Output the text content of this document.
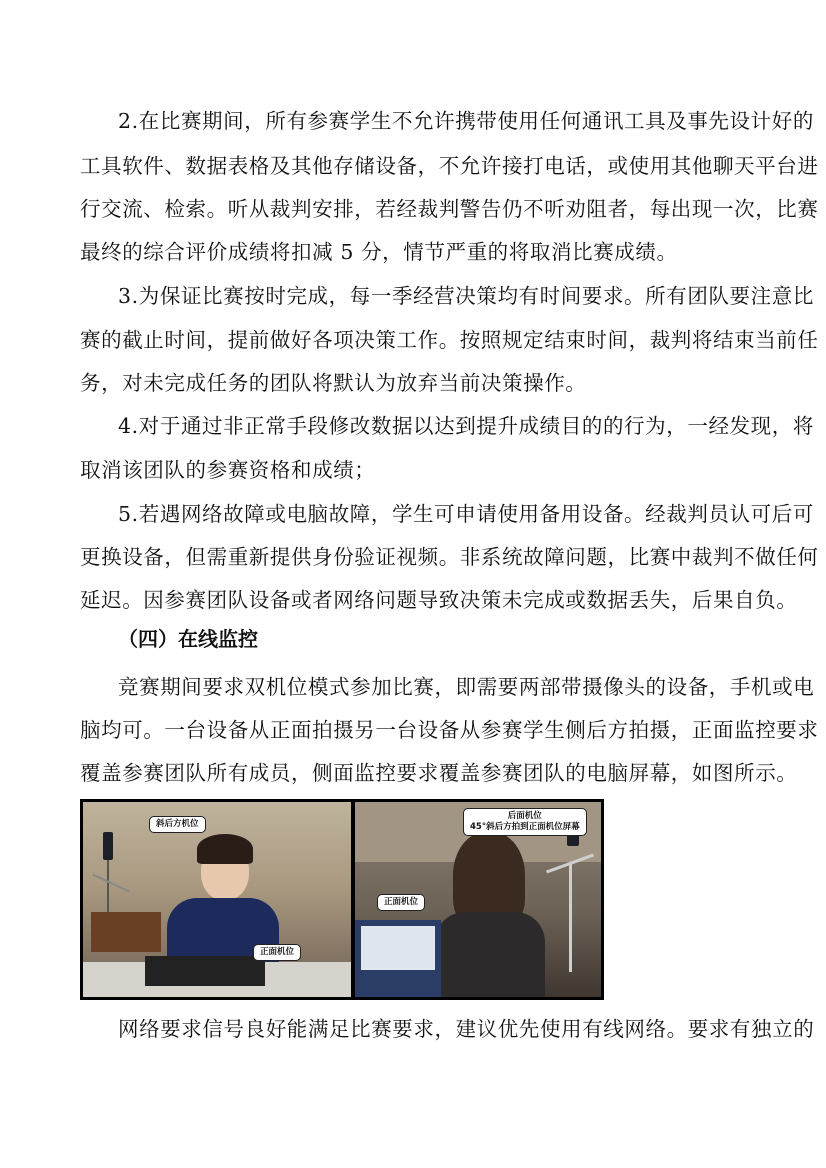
2.在比赛期间，所有参赛学生不允许携带使用任何通讯工具及事先设计好的
工具软件、数据表格及其他存储设备，不允许接打电话，或使用其他聊天平台进
行交流、检索。听从裁判安排，若经裁判警告仍不听劝阻者，每出现一次，比赛
最终的综合评价成绩将扣减 5 分，情节严重的将取消比赛成绩。
3.为保证比赛按时完成，每一季经营决策均有时间要求。所有团队要注意比
赛的截止时间，提前做好各项决策工作。按照规定结束时间，裁判将结束当前任
务，对未完成任务的团队将默认为放弃当前决策操作。
4.对于通过非正常手段修改数据以达到提升成绩目的的行为，一经发现，将
取消该团队的参赛资格和成绩；
5.若遇网络故障或电脑故障，学生可申请使用备用设备。经裁判员认可后可
更换设备，但需重新提供身份验证视频。非系统故障问题，比赛中裁判不做任何
延迟。因参赛团队设备或者网络问题导致决策未完成或数据丢失，后果自负。
（四）在线监控
竞赛期间要求双机位模式参加比赛，即需要两部带摄像头的设备，手机或电
脑均可。一台设备从正面拍摄另一台设备从参赛学生侧后方拍摄，正面监控要求
覆盖参赛团队所有成员，侧面监控要求覆盖参赛团队的电脑屏幕，如图所示。
斜后方机位
正面机位
后面机位
45°斜后方拍到正面机位屏幕
正面机位
网络要求信号良好能满足比赛要求，建议优先使用有线网络。要求有独立的
